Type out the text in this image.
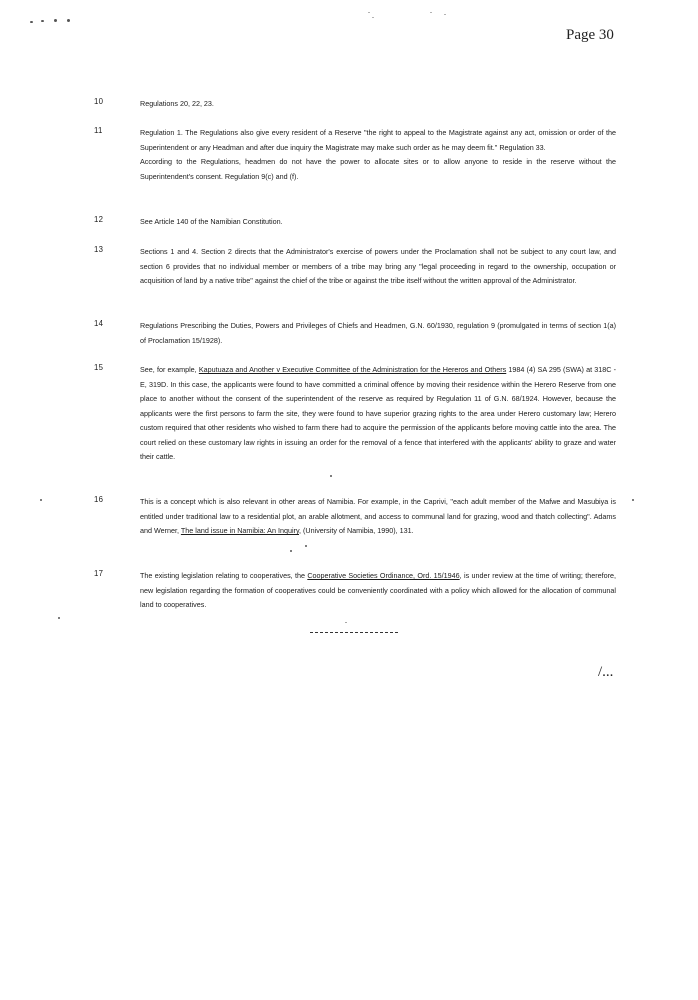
Page 30
10	Regulations 20, 22, 23.

11	Regulation 1. The Regulations also give every resident of a Reserve "the right to appeal to the Magistrate against any act, omission or order of the Superintendent or any Headman and after due inquiry the Magistrate may make such order as he may deem fit." Regulation 33.

According to the Regulations, headmen do not have the power to allocate sites or to allow anyone to reside in the reserve without the Superintendent's consent. Regulation 9(c) and (f).

12	See Article 140 of the Namibian Constitution.

13	Sections 1 and 4. Section 2 directs that the Administrator's exercise of powers under the Proclamation shall not be subject to any court law, and section 6 provides that no individual member or members of a tribe may bring any "legal proceeding in regard to the ownership, occupation or acquisition of land by a native tribe" against the chief of the tribe or against the tribe itself without the written approval of the Administrator.

14	Regulations Prescribing the Duties, Powers and Privileges of Chiefs and Headmen, G.N. 60/1930, regulation 9 (promulgated in terms of section 1(a) of Proclamation 15/1928).

15	See, for example, Kaputuaza and Another v Executive Committee of the Administration for the Hereros and Others 1984 (4) SA 295 (SWA) at 318C - E, 319D. In this case, the applicants were found to have committed a criminal offence by moving their residence within the Herero Reserve from one place to another without the consent of the superintendent of the reserve as required by Regulation 11 of G.N. 68/1924. However, because the applicants were the first persons to farm the site, they were found to have superior grazing rights to the area under Herero customary law; Herero custom required that other residents who wished to farm there had to acquire the permission of the applicants before moving cattle into the area. The court relied on these customary law rights in issuing an order for the removal of a fence that interfered with the applicants' ability to graze and water their cattle.

16	This is a concept which is also relevant in other areas of Namibia. For example, in the Caprivi, "each adult member of the Mafwe and Masubiya is entitled under traditional law to a residential plot, an arable allotment, and access to communal land for grazing, wood and thatch collecting". Adams and Werner, The land issue in Namibia: An Inquiry, (University of Namibia, 1990), 131.

17	The existing legislation relating to cooperatives, the Cooperative Societies Ordinance, Ord. 15/1946, is under review at the time of writing; therefore, new legislation regarding the formation of cooperatives could be conveniently coordinated with a policy which allowed for the allocation of communal land to cooperatives.

/...
